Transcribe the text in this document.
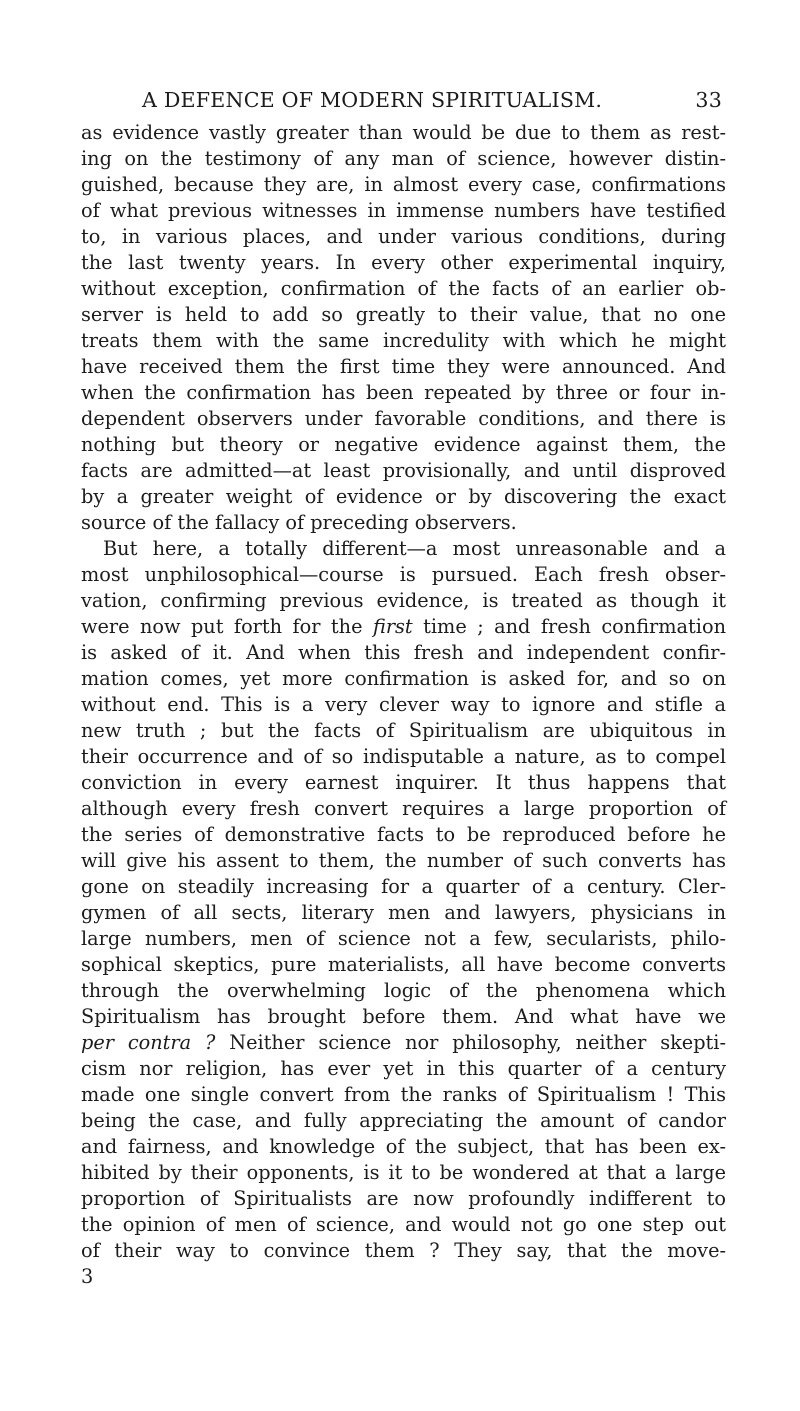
A DEFENCE OF MODERN SPIRITUALISM.	33
as evidence vastly greater than would be due to them as rest-
ing on the testimony of any man of science, however distin-
guished, because they are, in almost every case, confirmations
of what previous witnesses in immense numbers have testified
to, in various places, and under various conditions, during
the last twenty years. In every other experimental inquiry,
without exception, confirmation of the facts of an earlier ob-
server is held to add so greatly to their value, that no one
treats them with the same incredulity with which he might
have received them the first time they were announced. And
when the confirmation has been repeated by three or four in-
dependent observers under favorable conditions, and there is
nothing but theory or negative evidence against them, the
facts are admitted—at least provisionally, and until disproved
by a greater weight of evidence or by discovering the exact
source of the fallacy of preceding observers.
But here, a totally different—a most unreasonable and a
most unphilosophical—course is pursued. Each fresh obser-
vation, confirming previous evidence, is treated as though it
were now put forth for the first time ; and fresh confirmation
is asked of it. And when this fresh and independent confir-
mation comes, yet more confirmation is asked for, and so on
without end. This is a very clever way to ignore and stifle a
new truth ; but the facts of Spiritualism are ubiquitous in
their occurrence and of so indisputable a nature, as to compel
conviction in every earnest inquirer. It thus happens that
although every fresh convert requires a large proportion of
the series of demonstrative facts to be reproduced before he
will give his assent to them, the number of such converts has
gone on steadily increasing for a quarter of a century. Cler-
gymen of all sects, literary men and lawyers, physicians in
large numbers, men of science not a few, secularists, philo-
sophical skeptics, pure materialists, all have become converts
through the overwhelming logic of the phenomena which
Spiritualism has brought before them. And what have we
per contra ? Neither science nor philosophy, neither skepti-
cism nor religion, has ever yet in this quarter of a century
made one single convert from the ranks of Spiritualism ! This
being the case, and fully appreciating the amount of candor
and fairness, and knowledge of the subject, that has been ex-
hibited by their opponents, is it to be wondered at that a large
proportion of Spiritualists are now profoundly indifferent to
the opinion of men of science, and would not go one step out
of their way to convince them ? They say, that the move-
3
